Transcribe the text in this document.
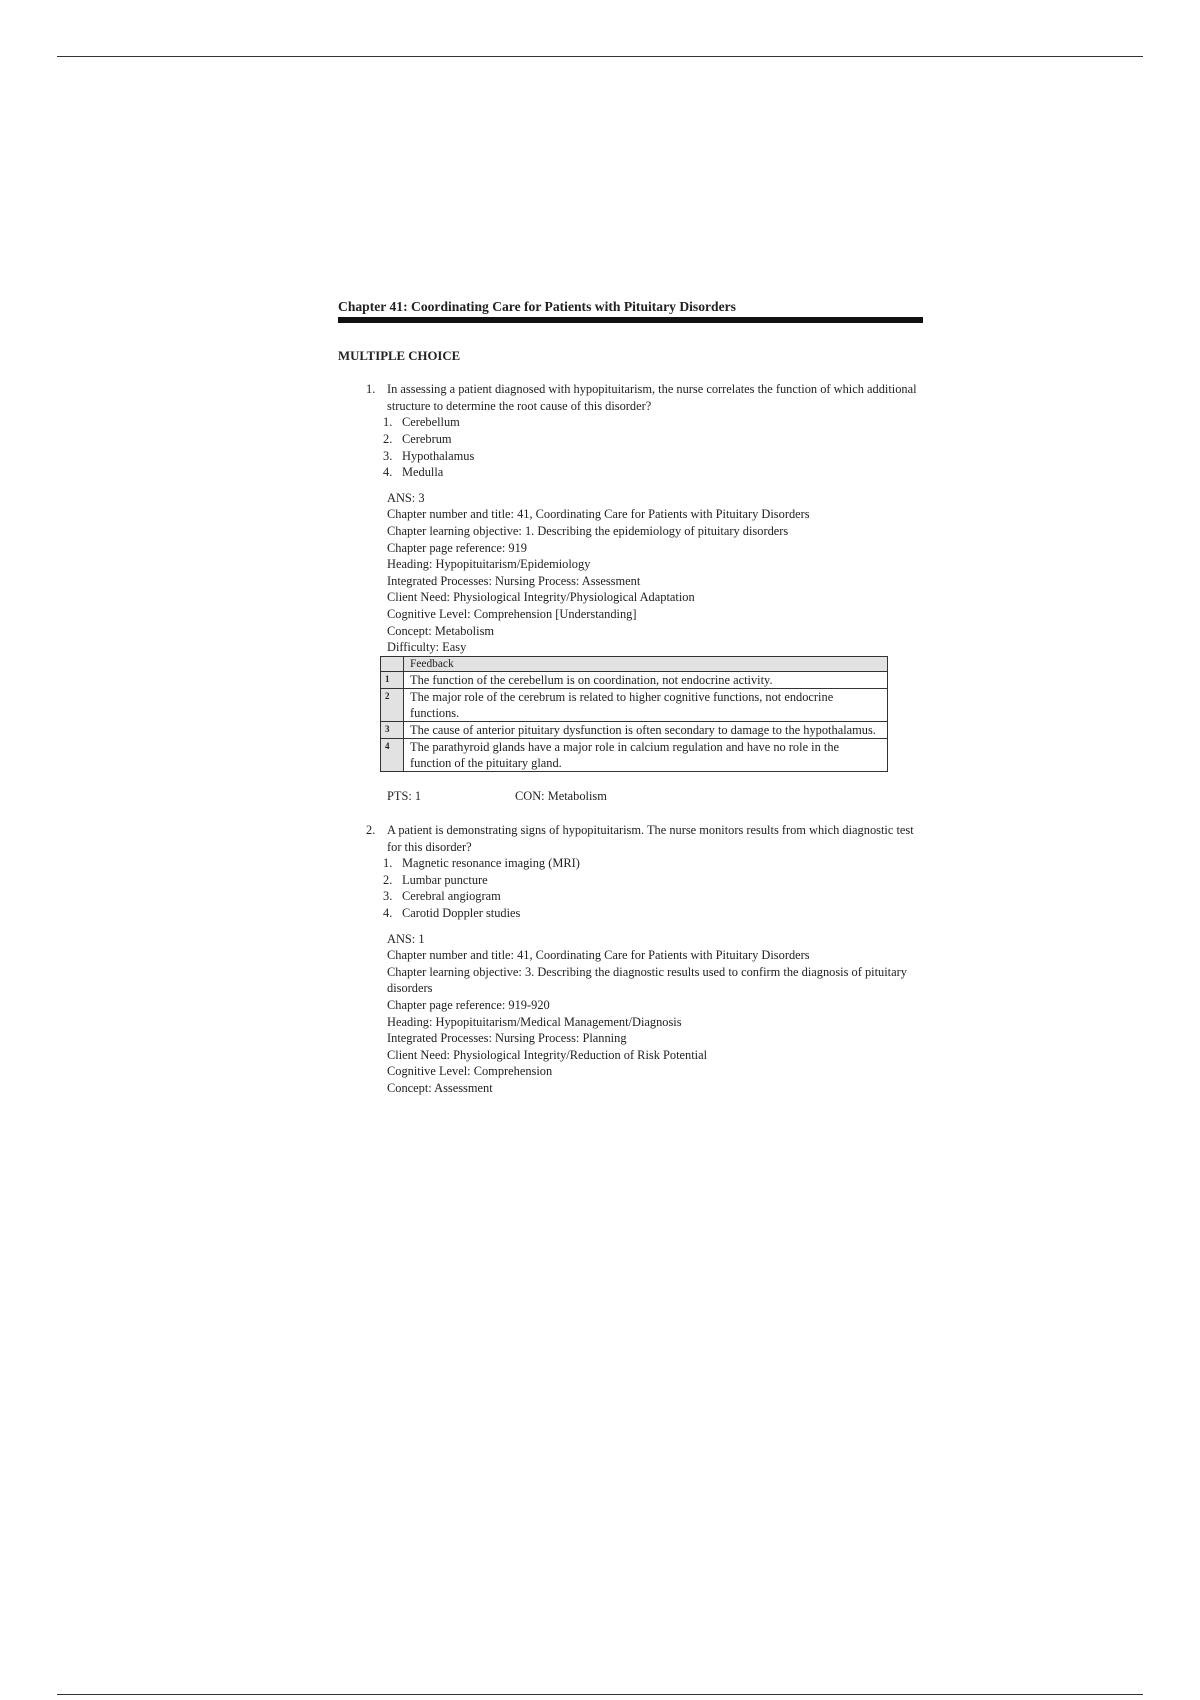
Chapter 41: Coordinating Care for Patients with Pituitary Disorders
MULTIPLE CHOICE
1. In assessing a patient diagnosed with hypopituitarism, the nurse correlates the function of which additional structure to determine the root cause of this disorder?
1. Cerebellum
2. Cerebrum
3. Hypothalamus
4. Medulla
ANS: 3
Chapter number and title: 41, Coordinating Care for Patients with Pituitary Disorders
Chapter learning objective: 1. Describing the epidemiology of pituitary disorders
Chapter page reference: 919
Heading: Hypopituitarism/Epidemiology
Integrated Processes: Nursing Process: Assessment
Client Need: Physiological Integrity/Physiological Adaptation
Cognitive Level: Comprehension [Understanding]
Concept: Metabolism
Difficulty: Easy
	Feedback
1	The function of the cerebellum is on coordination, not endocrine activity.
2	The major role of the cerebrum is related to higher cognitive functions, not endocrine functions.
3	The cause of anterior pituitary dysfunction is often secondary to damage to the hypothalamus.
4	The parathyroid glands have a major role in calcium regulation and have no role in the function of the pituitary gland.
PTS: 1	CON: Metabolism
2. A patient is demonstrating signs of hypopituitarism. The nurse monitors results from which diagnostic test for this disorder?
1. Magnetic resonance imaging (MRI)
2. Lumbar puncture
3. Cerebral angiogram
4. Carotid Doppler studies
ANS: 1
Chapter number and title: 41, Coordinating Care for Patients with Pituitary Disorders
Chapter learning objective: 3. Describing the diagnostic results used to confirm the diagnosis of pituitary disorders
Chapter page reference: 919-920
Heading: Hypopituitarism/Medical Management/Diagnosis
Integrated Processes: Nursing Process: Planning
Client Need: Physiological Integrity/Reduction of Risk Potential
Cognitive Level: Comprehension
Concept: Assessment
